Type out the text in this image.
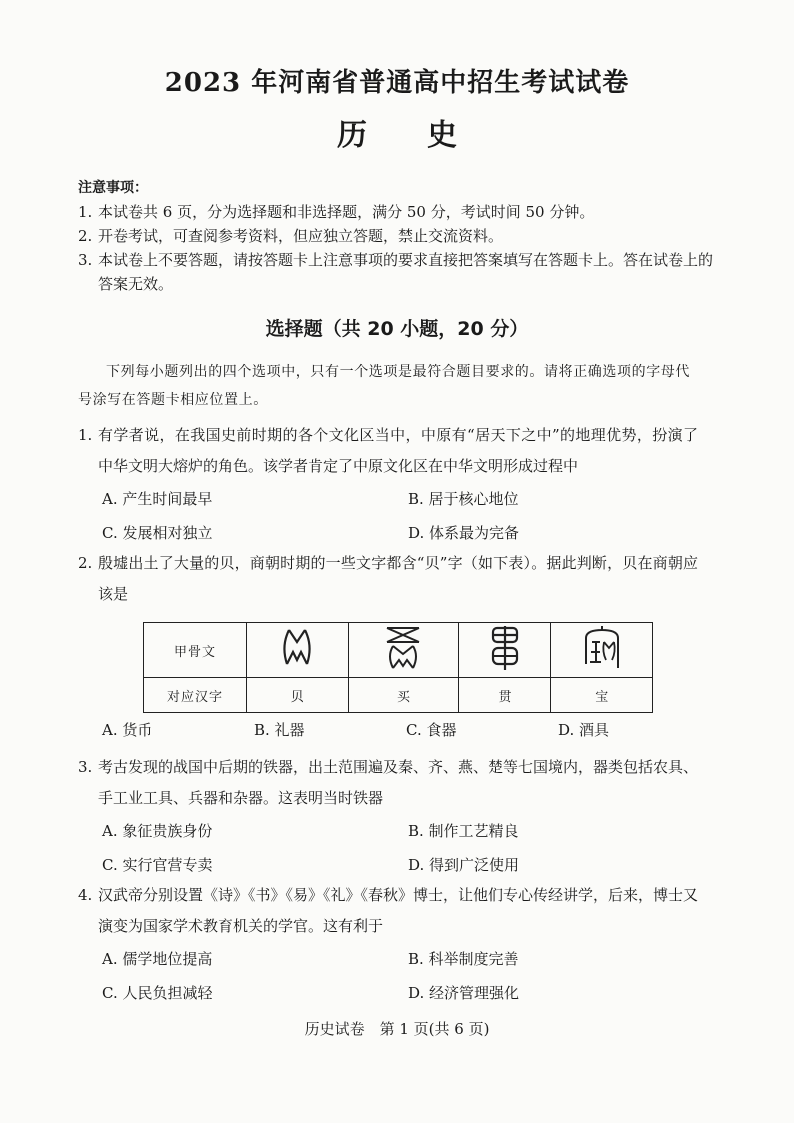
2023 年河南省普通高中招生考试试卷
历史
注意事项：
1. 本试卷共 6 页，分为选择题和非选择题，满分 50 分，考试时间 50 分钟。
2. 开卷考试，可查阅参考资料，但应独立答题，禁止交流资料。
3. 本试卷上不要答题，请按答题卡上注意事项的要求直接把答案填写在答题卡上。答在试卷上的答案无效。
选择题（共 20 小题，20 分）
下列每小题列出的四个选项中，只有一个选项是最符合题目要求的。请将正确选项的字母代号涂写在答题卡相应位置上。
1. 有学者说，在我国史前时期的各个文化区当中，中原有“居天下之中”的地理优势，扮演了中华文明大熔炉的角色。该学者肯定了中原文化区在中华文明形成过程中
A. 产生时间最早	B. 居于核心地位
C. 发展相对独立	D. 体系最为完备
2. 殷墟出土了大量的贝，商朝时期的一些文字都含“贝”字（如下表）。据此判断，贝在商朝应该是
甲骨文				
对应汉字	贝	买	贯	宝
A. 货币	B. 礼器	C. 食器	D. 酒具
3. 考古发现的战国中后期的铁器，出土范围遍及秦、齐、燕、楚等七国境内，器类包括农具、手工业工具、兵器和杂器。这表明当时铁器
A. 象征贵族身份	B. 制作工艺精良
C. 实行官营专卖	D. 得到广泛使用
4. 汉武帝分别设置《诗》《书》《易》《礼》《春秋》博士，让他们专心传经讲学，后来，博士又演变为国家学术教育机关的学官。这有利于
A. 儒学地位提高	B. 科举制度完善
C. 人民负担减轻	D. 经济管理强化
历史试卷　第 1 页(共 6 页)
